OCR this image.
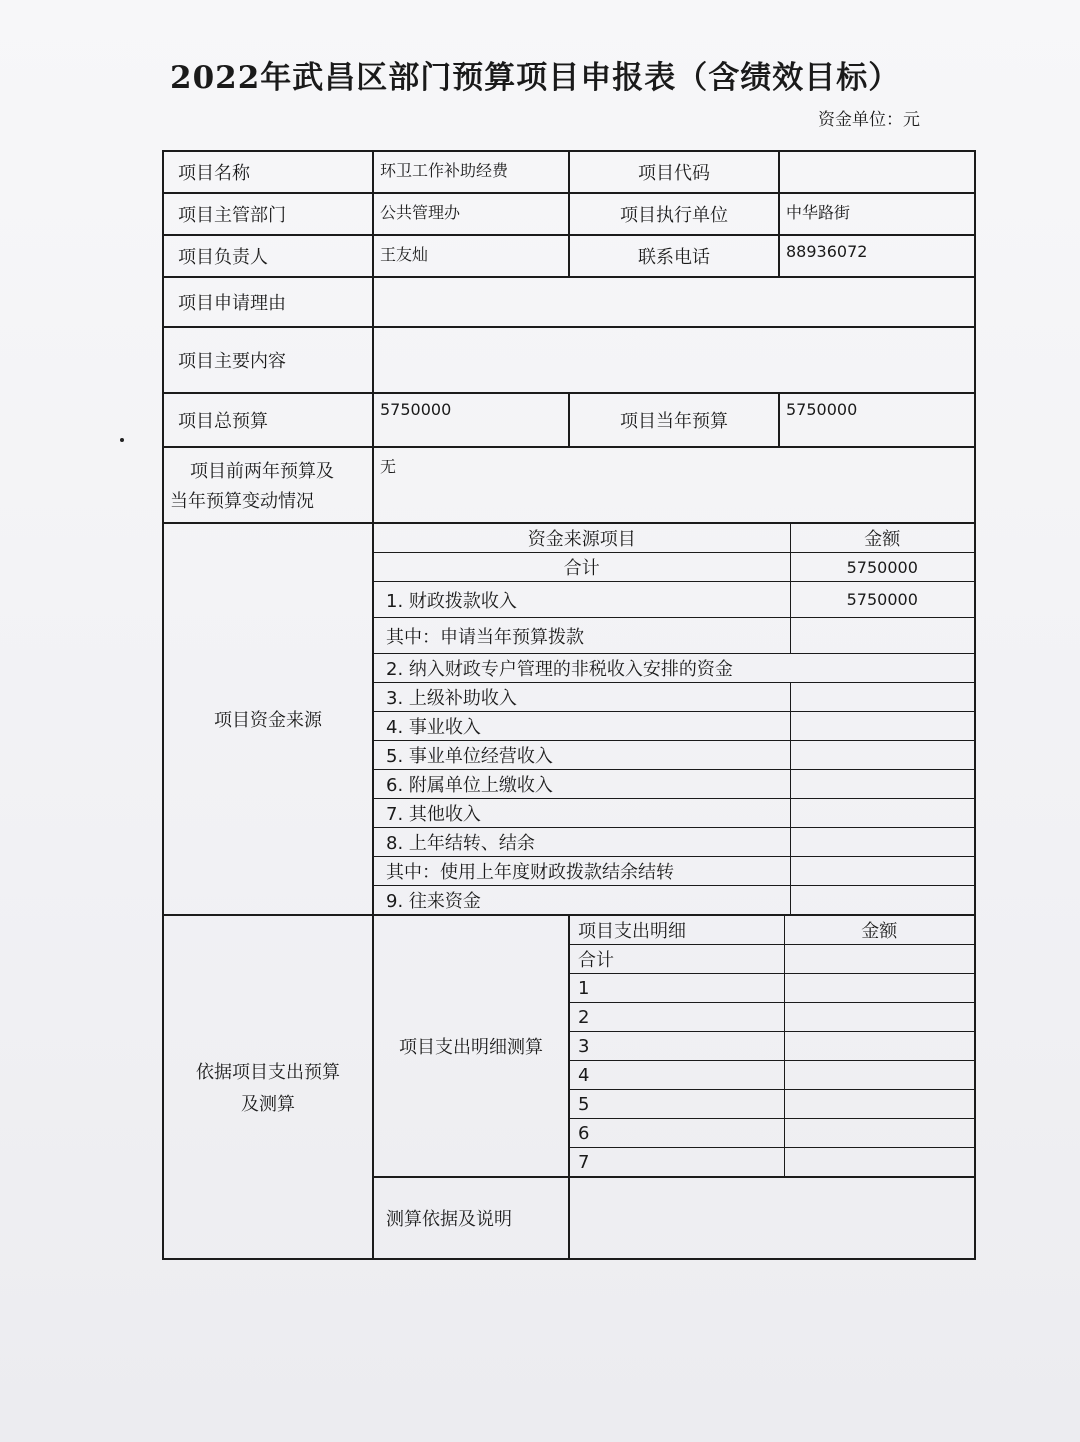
2022年武昌区部门预算项目申报表（含绩效目标）
资金单位：元
项目名称	环卫工作补助经费	项目代码	
项目主管部门	公共管理办	项目执行单位	中华路街
项目负责人	王友灿	联系电话	88936072
项目申请理由	
项目主要内容	
项目总预算	5750000	项目当年预算	5750000

项目前两年预算及
当年预算变动情况
	无
项目资金来源	
资金来源项目	金额
合计	5750000
1. 财政拨款收入	5750000
其中：申请当年预算拨款	
2. 纳入财政专户管理的非税收入安排的资金
3. 上级补助收入	
4. 事业收入	
5. 事业单位经营收入	
6. 附属单位上缴收入	
7. 其他收入	
8. 上年结转、结余	
其中：使用上年度财政拨款结余结转	
9. 往来资金	

依据项目支出预算
及测算
	项目支出明细测算	
项目支出明细	金额
合计	
1	
2	
3	
4	
5	
6	
7	

测算依据及说明	
